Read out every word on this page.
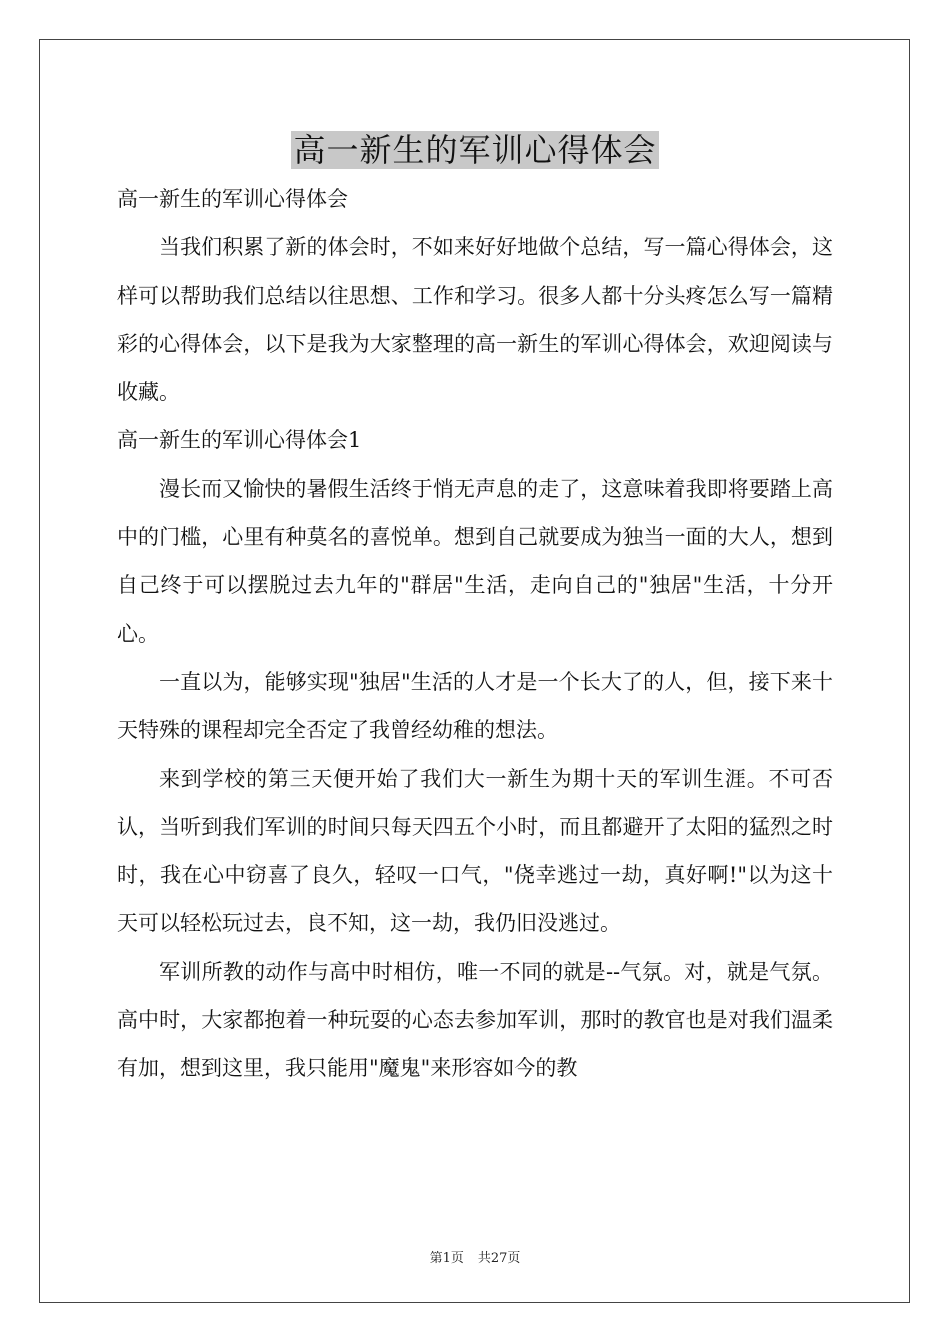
高一新生的军训心得体会

高一新生的军训心得体会

当我们积累了新的体会时，不如来好好地做个总结，写一篇心得体会，这样可以帮助我们总结以往思想、工作和学习。很多人都十分头疼怎么写一篇精彩的心得体会，以下是我为大家整理的高一新生的军训心得体会，欢迎阅读与收藏。

高一新生的军训心得体会1

漫长而又愉快的暑假生活终于悄无声息的走了，这意味着我即将要踏上高中的门槛，心里有种莫名的喜悦单。想到自己就要成为独当一面的大人，想到自己终于可以摆脱过去九年的"群居"生活，走向自己的"独居"生活，十分开心。

一直以为，能够实现"独居"生活的人才是一个长大了的人，但，接下来十天特殊的课程却完全否定了我曾经幼稚的想法。

来到学校的第三天便开始了我们大一新生为期十天的军训生涯。不可否认，当听到我们军训的时间只每天四五个小时，而且都避开了太阳的猛烈之时时，我在心中窃喜了良久，轻叹一口气，"侥幸逃过一劫，真好啊!"以为这十天可以轻松玩过去，良不知，这一劫，我仍旧没逃过。

军训所教的动作与高中时相仿，唯一不同的就是--气氛。对，就是气氛。高中时，大家都抱着一种玩耍的心态去参加军训，那时的教官也是对我们温柔有加，想到这里，我只能用"魔鬼"来形容如今的教

第1页 共27页
